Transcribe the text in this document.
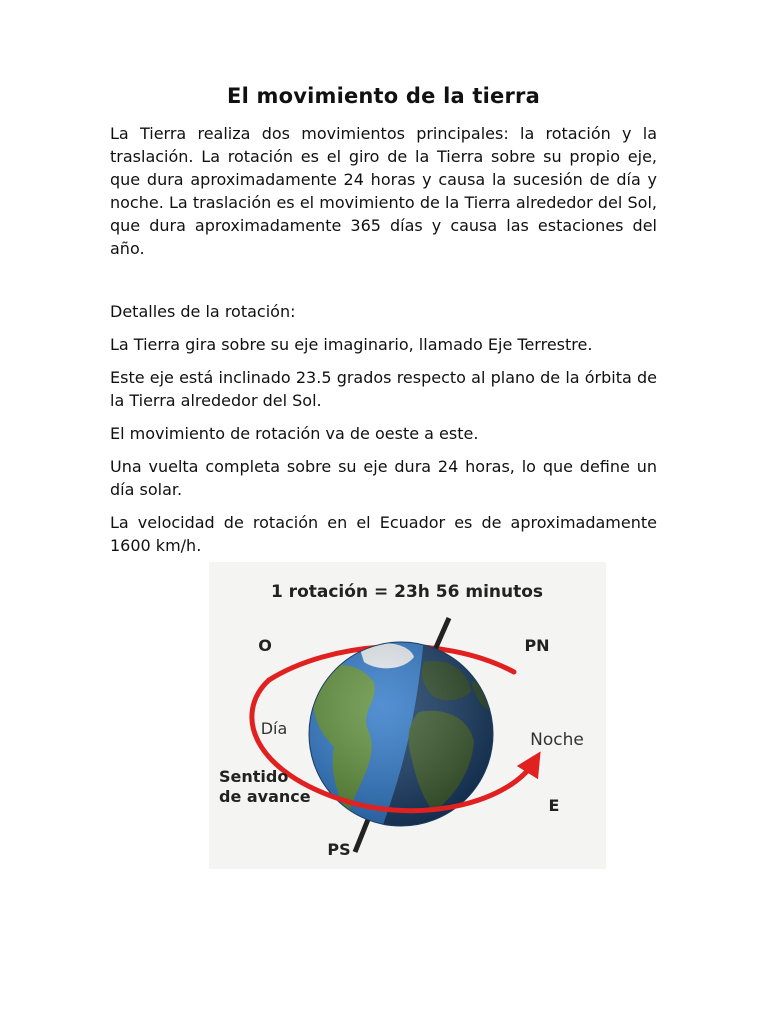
El movimiento de la tierra

La Tierra realiza dos movimientos principales: la rotación y la traslación. La rotación es el giro de la Tierra sobre su propio eje, que dura aproximadamente 24 horas y causa la sucesión de día y noche. La traslación es el movimiento de la Tierra alrededor del Sol, que dura aproximadamente 365 días y causa las estaciones del año.

Detalles de la rotación:

La Tierra gira sobre su eje imaginario, llamado Eje Terrestre.

Este eje está inclinado 23.5 grados respecto al plano de la órbita de la Tierra alrededor del Sol.

El movimiento de rotación va de oeste a este.

Una vuelta completa sobre su eje dura 24 horas, lo que define un día solar.

La velocidad de rotación en el Ecuador es de aproximadamente 1600 km/h.

1 rotación = 23h 56 minutos
O	PN
Día
Noche
Sentido
de avance	E
PS
